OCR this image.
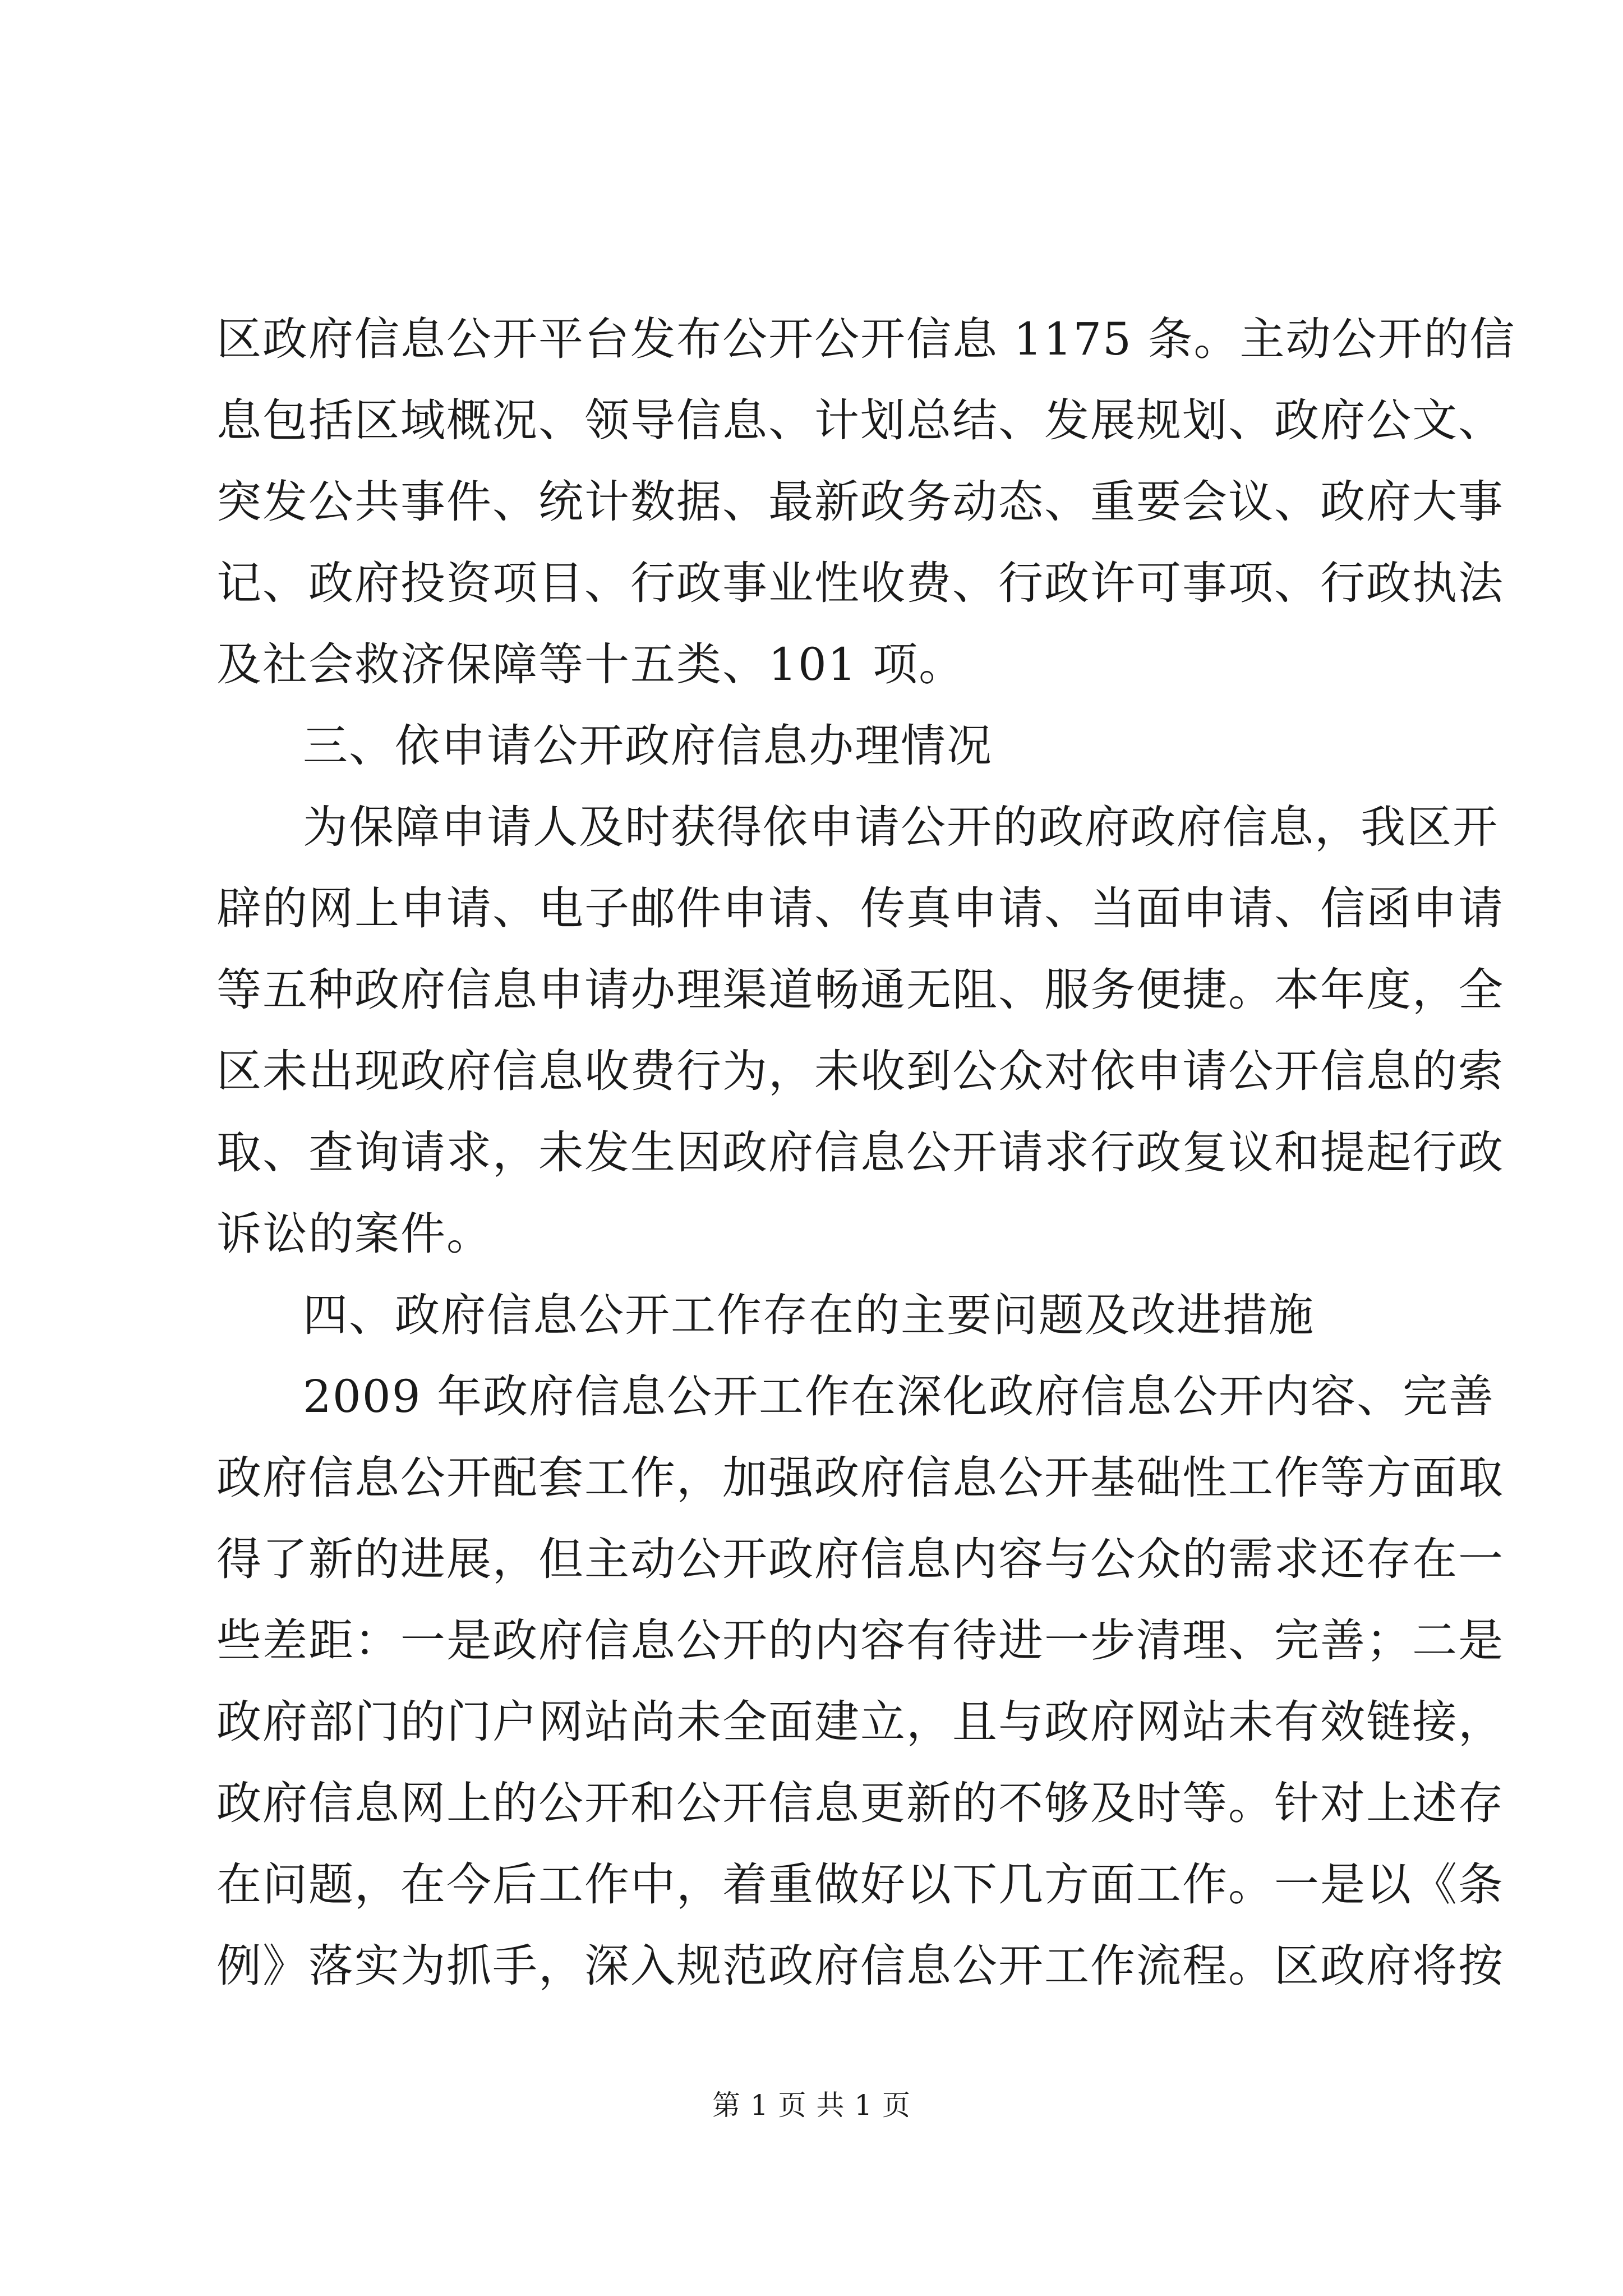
区政府信息公开平台发布公开公开信息 1175 条。主动公开的信
息包括区域概况、领导信息、计划总结、发展规划、政府公文、
突发公共事件、统计数据、最新政务动态、重要会议、政府大事
记、政府投资项目、行政事业性收费、行政许可事项、行政执法
及社会救济保障等十五类、101 项。
三、依申请公开政府信息办理情况
为保障申请人及时获得依申请公开的政府政府信息，我区开
辟的网上申请、电子邮件申请、传真申请、当面申请、信函申请
等五种政府信息申请办理渠道畅通无阻、服务便捷。本年度，全
区未出现政府信息收费行为，未收到公众对依申请公开信息的索
取、查询请求，未发生因政府信息公开请求行政复议和提起行政
诉讼的案件。
四、政府信息公开工作存在的主要问题及改进措施
2009 年政府信息公开工作在深化政府信息公开内容、完善
政府信息公开配套工作，加强政府信息公开基础性工作等方面取
得了新的进展，但主动公开政府信息内容与公众的需求还存在一
些差距：一是政府信息公开的内容有待进一步清理、完善；二是
政府部门的门户网站尚未全面建立，且与政府网站未有效链接，
政府信息网上的公开和公开信息更新的不够及时等。针对上述存
在问题，在今后工作中，着重做好以下几方面工作。一是以《条
例》落实为抓手，深入规范政府信息公开工作流程。区政府将按
第 1 页 共 1 页
